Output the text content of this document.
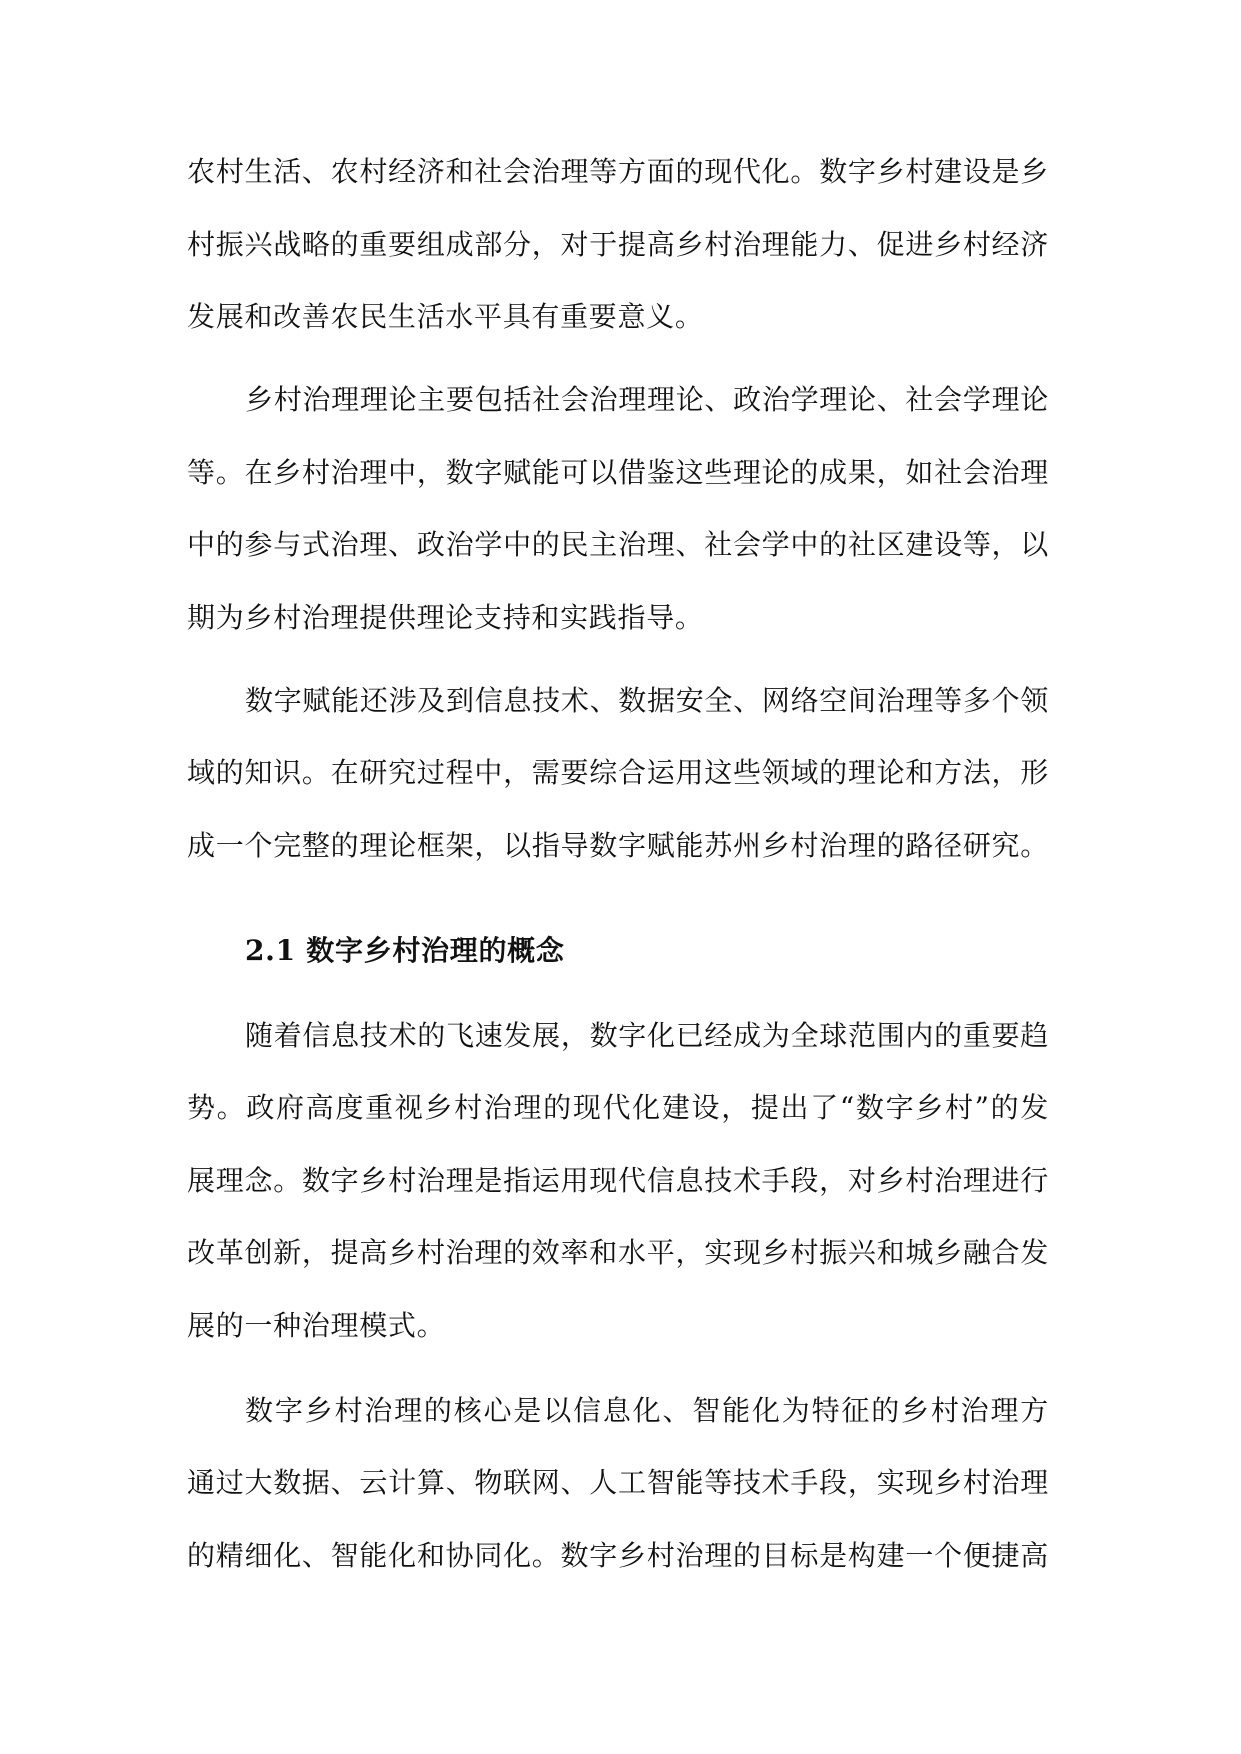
农村生活、农村经济和社会治理等方面的现代化。数字乡村建设是乡
村振兴战略的重要组成部分，对于提高乡村治理能力、促进乡村经济
发展和改善农民生活水平具有重要意义。
乡村治理理论主要包括社会治理理论、政治学理论、社会学理论
等。在乡村治理中，数字赋能可以借鉴这些理论的成果，如社会治理
中的参与式治理、政治学中的民主治理、社会学中的社区建设等，以
期为乡村治理提供理论支持和实践指导。
数字赋能还涉及到信息技术、数据安全、网络空间治理等多个领
域的知识。在研究过程中，需要综合运用这些领域的理论和方法，形
成一个完整的理论框架，以指导数字赋能苏州乡村治理的路径研究。
2.1 数字乡村治理的概念
随着信息技术的飞速发展，数字化已经成为全球范围内的重要趋
势。政府高度重视乡村治理的现代化建设，提出了“数字乡村”的发
展理念。数字乡村治理是指运用现代信息技术手段，对乡村治理进行
改革创新，提高乡村治理的效率和水平，实现乡村振兴和城乡融合发
展的一种治理模式。
数字乡村治理的核心是以信息化、智能化为特征的乡村治理方
通过大数据、云计算、物联网、人工智能等技术手段，实现乡村治理
的精细化、智能化和协同化。数字乡村治理的目标是构建一个便捷高
